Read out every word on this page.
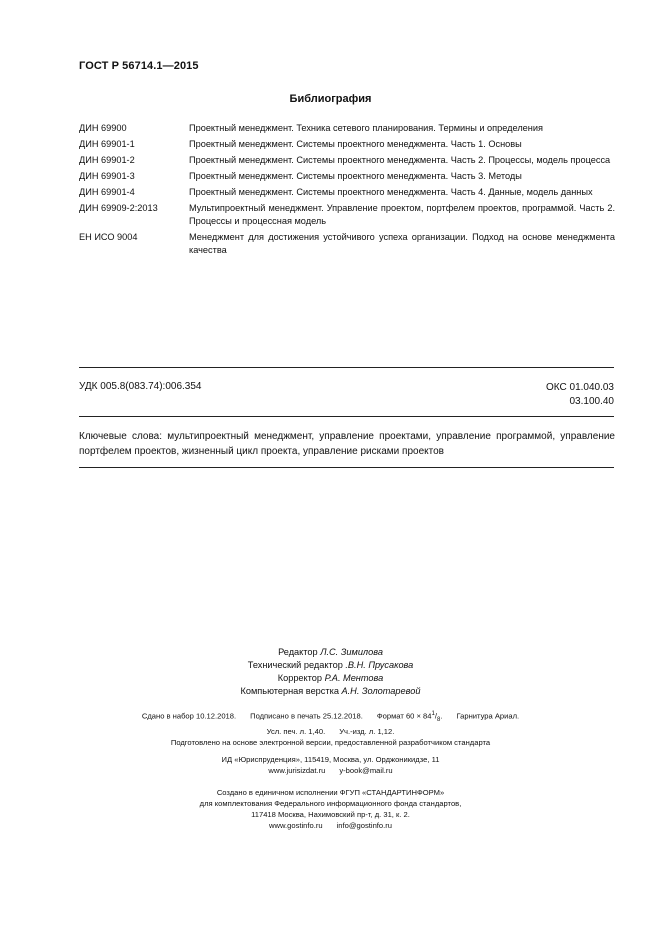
ГОСТ Р 56714.1—2015
Библиография
ДИН 69900	Проектный менеджмент. Техника сетевого планирования. Термины и определения
ДИН 69901-1	Проектный менеджмент. Системы проектного менеджмента. Часть 1. Основы
ДИН 69901-2	Проектный менеджмент. Системы проектного менеджмента. Часть 2. Процессы, модель процесса
ДИН 69901-3	Проектный менеджмент. Системы проектного менеджмента. Часть 3. Методы
ДИН 69901-4	Проектный менеджмент. Системы проектного менеджмента. Часть 4. Данные, модель данных
ДИН 69909-2:2013	Мультипроектный менеджмент. Управление проектом, портфелем проектов, программой. Часть 2. Процессы и процессная модель
ЕН ИСО 9004	Менеджмент для достижения устойчивого успеха организации. Подход на основе менеджмента качества
УДК 005.8(083.74):006.354	ОКС 01.040.03
03.100.40
Ключевые слова: мультипроектный менеджмент, управление проектами, управление программой, управление портфелем проектов, жизненный цикл проекта, управление рисками проектов
Редактор Л.С. Зимилова
Технический редактор .В.Н. Прусакова
Корректор Р.А. Ментова
Компьютерная верстка А.Н. Золотаревой
Сдано в набор 10.12.2018. Подписано в печать 25.12.2018. Формат $60 \times 84^1/_8$. Гарнитура Ариал.
Усл. печ. л. 1,40. Уч.-изд. л. 1,12.
Подготовлено на основе электронной версии, предоставленной разработчиком стандарта
ИД «Юриспруденция», 115419, Москва, ул. Орджоникидзе, 11
www.jurisizdat.ru y-book@mail.ru
Создано в единичном исполнении ФГУП «СТАНДАРТИНФОРМ»
для комплектования Федерального информационного фонда стандартов,
117418 Москва, Нахимовский пр-т, д. 31, к. 2.
www.gostinfo.ru info@gostinfo.ru
